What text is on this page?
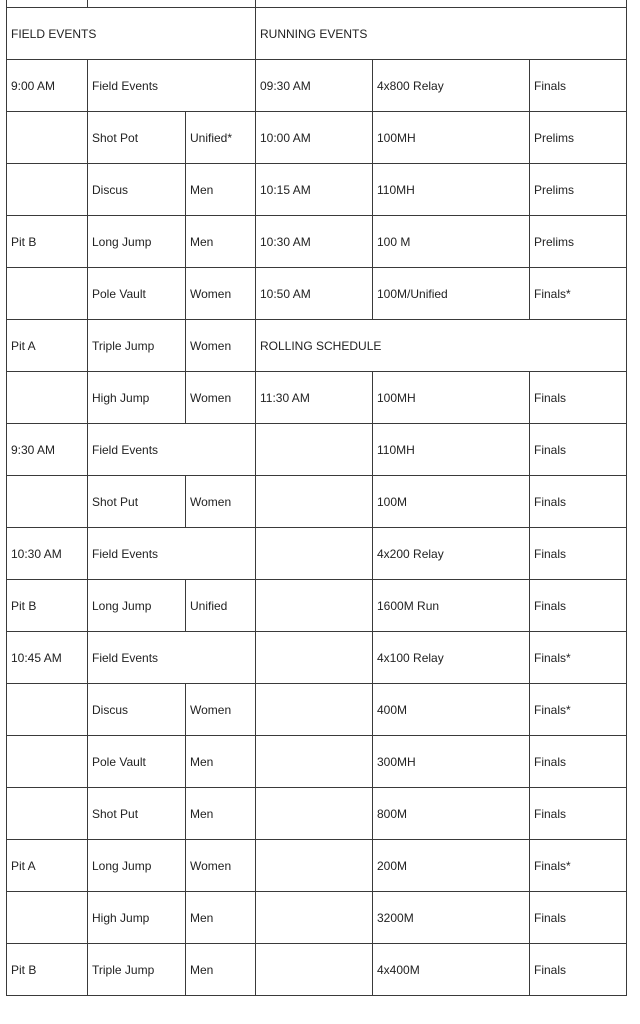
FIELD EVENTS			RUNNING EVENTS		
9:00 AM	Field Events		09:30 AM	4x800 Relay	Finals
	Shot Pot	Unified*	10:00 AM	100MH	Prelims
	Discus	Men	10:15 AM	110MH	Prelims
Pit B	Long Jump	Men	10:30 AM	100 M	Prelims
	Pole Vault	Women	10:50 AM	100M/Unified	Finals*
Pit A	Triple Jump	Women	ROLLING SCHEDULE		
	High Jump	Women	11:30 AM	100MH	Finals
9:30 AM	Field Events			110MH	Finals
	Shot Put	Women		100M	Finals
10:30 AM	Field Events			4x200 Relay	Finals
Pit B	Long Jump	Unified		1600M Run	Finals
10:45 AM	Field Events			4x100 Relay	Finals*
	Discus	Women		400M	Finals*
	Pole Vault	Men		300MH	Finals
	Shot Put	Men		800M	Finals
Pit A	Long Jump	Women		200M	Finals*
	High Jump	Men		3200M	Finals
Pit B	Triple Jump	Men		4x400M	Finals
